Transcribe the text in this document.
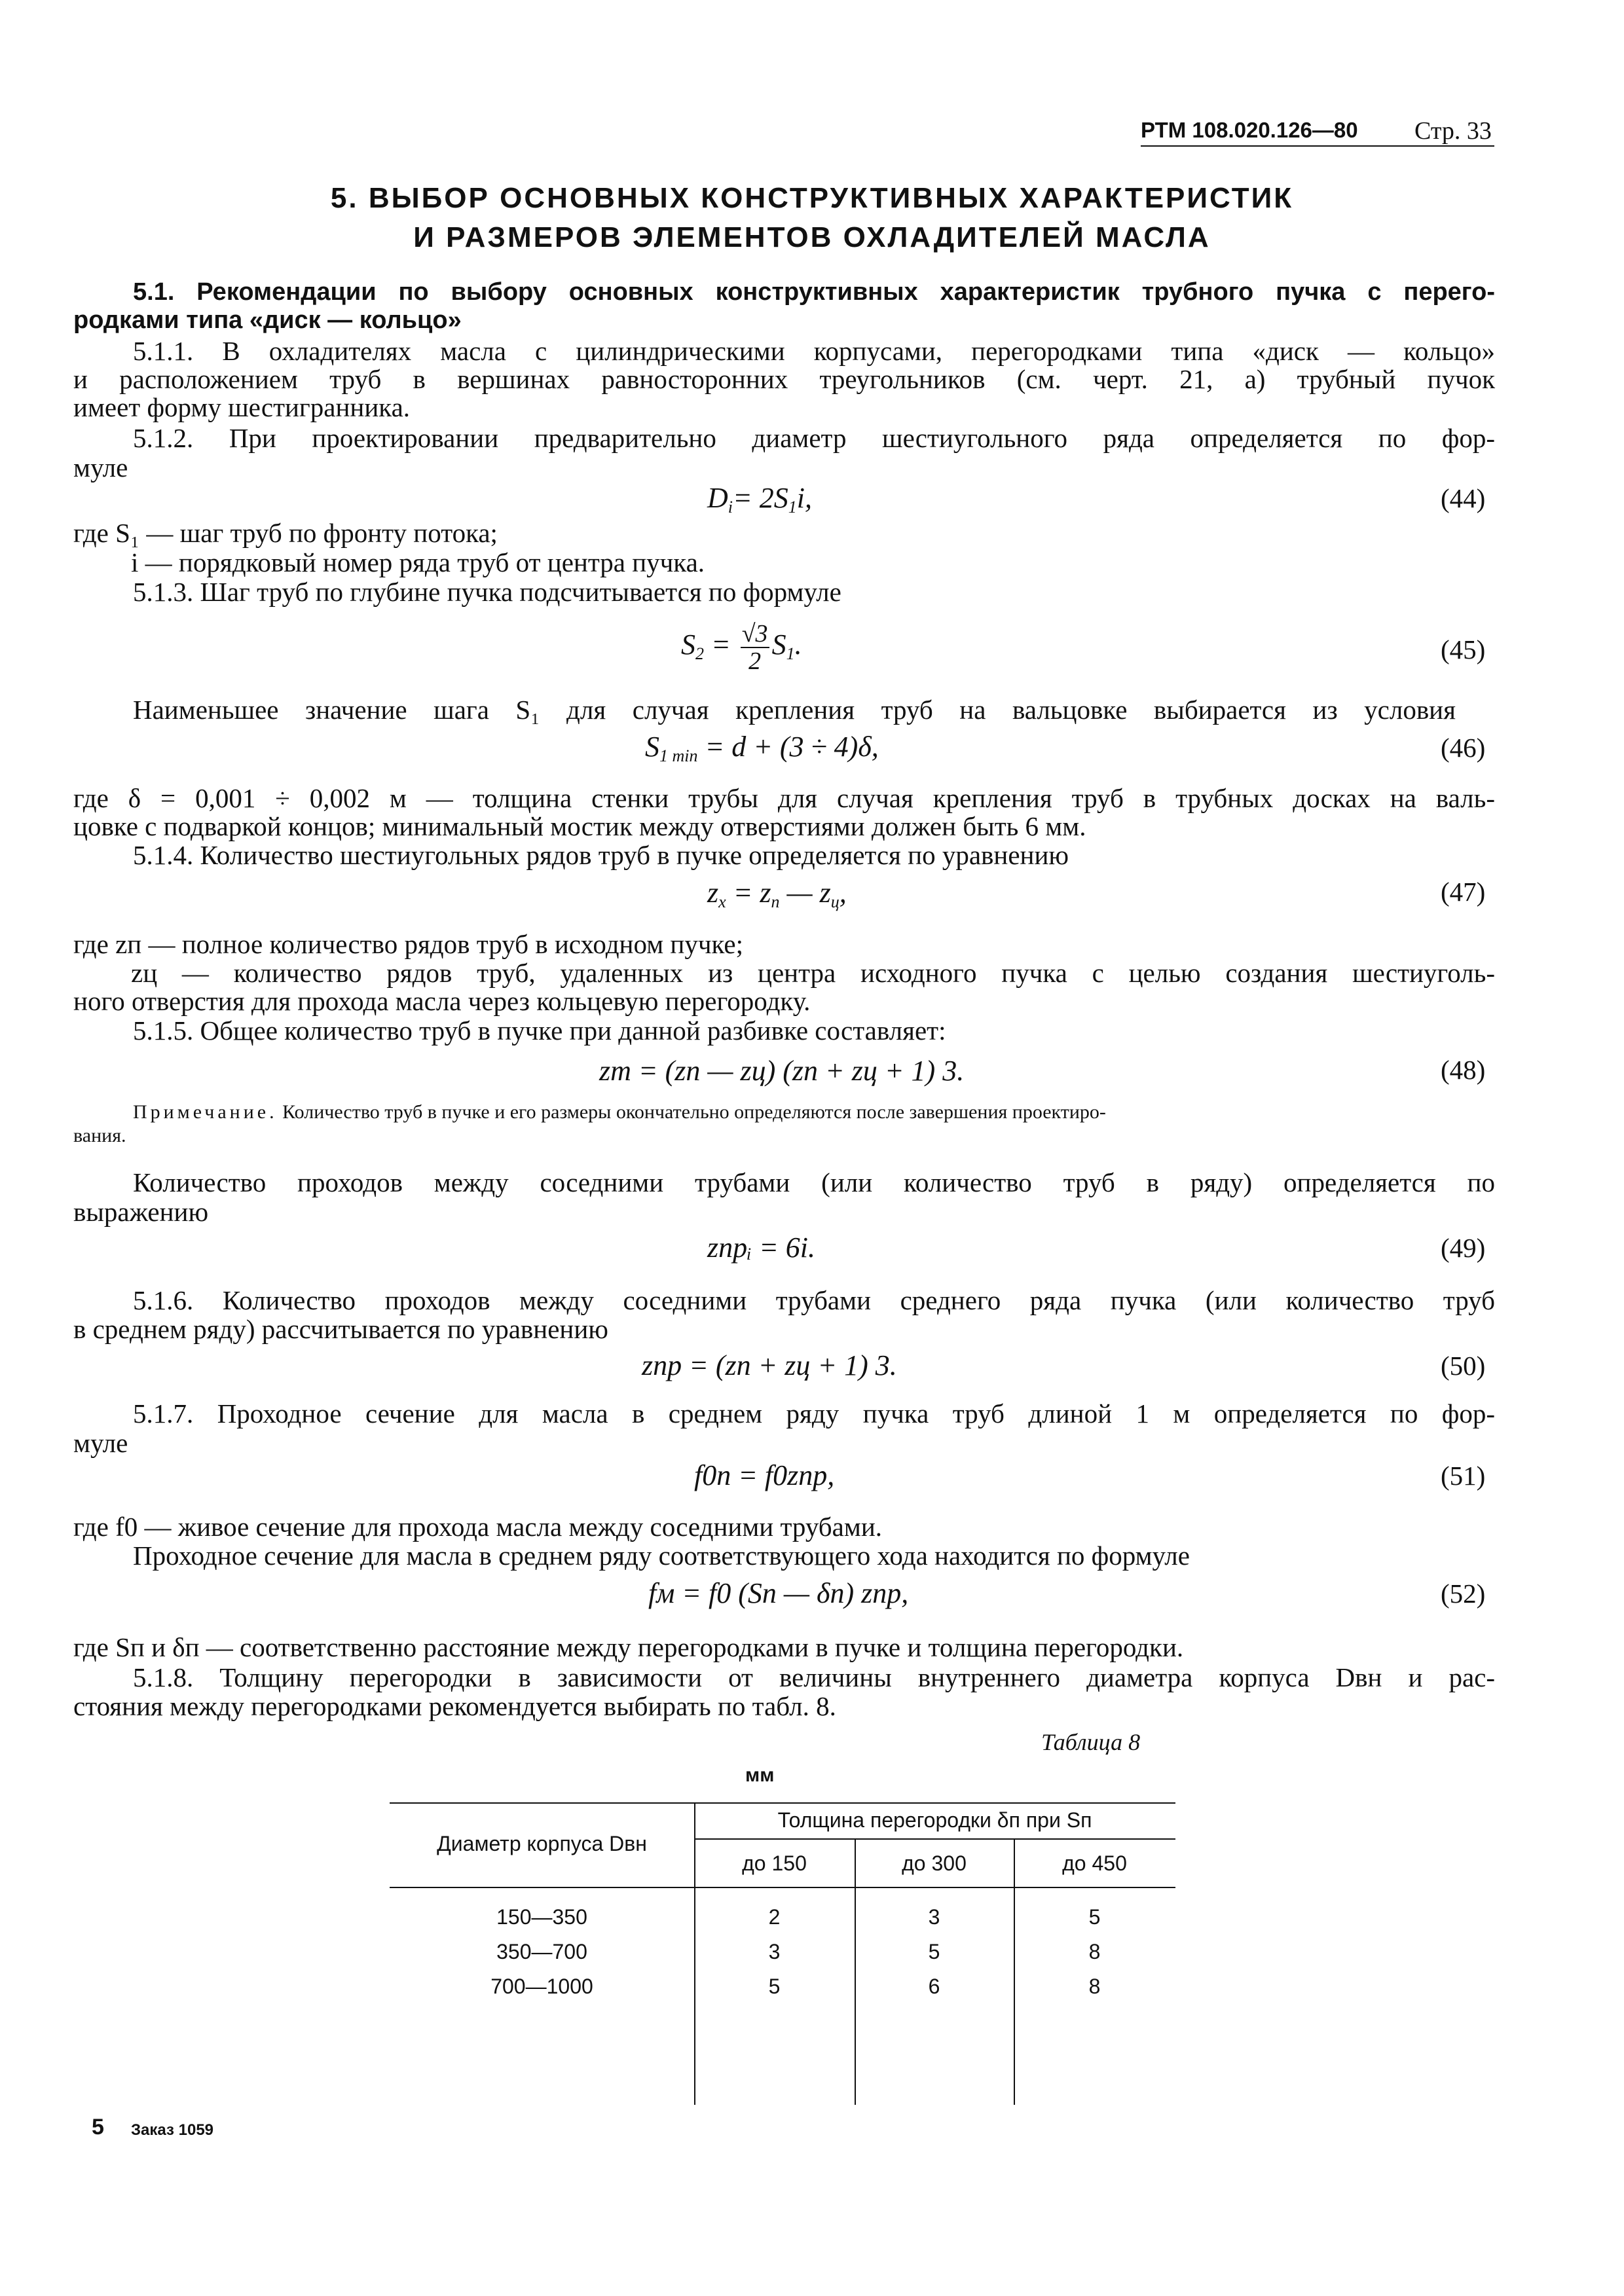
РТМ 108.020.126—80 Стр. 33
5. ВЫБОР ОСНОВНЫХ КОНСТРУКТИВНЫХ ХАРАКТЕРИСТИК
И РАЗМЕРОВ ЭЛЕМЕНТОВ ОХЛАДИТЕЛЕЙ МАСЛА
5.1. Рекомендации по выбору основных конструктивных характеристик трубного пучка с перего-
родками типа «диск — кольцо»
5.1.1. В охладителях масла с цилиндрическими корпусами, перегородками типа «диск — кольцо»
и расположением труб в вершинах равносторонних треугольников (см. черт. 21, а) трубный пучок
имеет форму шестигранника.
5.1.2. При проектировании предварительно диаметр шестиугольного ряда определяется по фор-
муле
$D_i= 2S_1i$,	(44)
где S₁ — шаг труб по фронту потока;
i — порядковый номер ряда труб от центра пучка.
5.1.3. Шаг труб по глубине пучка подсчитывается по формуле
$S_2 = \frac{√3}{2} S_1$.	(45)
Наименьшее значение шага S₁ для случая крепления труб на вальцовке выбирается из условия
$S_{1 min} = d + (3 \div 4)\delta$,	(46)
где δ = 0,001 ÷ 0,002 м — толщина стенки трубы для случая крепления труб в трубных досках на валь-
цовке с подваркой концов; минимальный мостик между отверстиями должен быть 6 мм.
5.1.4. Количество шестиугольных рядов труб в пучке определяется по уравнению
$z_x = z_п$ — $z_ц$,	(47)
где zп — полное количество рядов труб в исходном пучке;
zц — количество рядов труб, удаленных из центра исходного пучка с целью создания шестиуголь-
ного отверстия для прохода масла через кольцевую перегородку.
5.1.5. Общее количество труб в пучке при данной разбивке составляет:
zт = (zп — zц) (zп + zц + 1) 3.	(48)
Примечание. Количество труб в пучке и его размеры окончательно определяются после завершения проектиро-
вания.
Количество проходов между соседними трубами (или количество труб в ряду) определяется по
выражению
zпрᵢ = 6i.	(49)
5.1.6. Количество проходов между соседними трубами среднего ряда пучка (или количество труб
в среднем ряду) рассчитывается по уравнению
zпр = (zп + zц + 1) 3.	(50)
5.1.7. Проходное сечение для масла в среднем ряду пучка труб длиной 1 м определяется по фор-
муле
f0п = f0zпр,	(51)
где f0 — живое сечение для прохода масла между соседними трубами.
Проходное сечение для масла в среднем ряду соответствующего хода находится по формуле
fм = f0 (Sп — δп) zпр,	(52)
где Sп и δп — соответственно расстояние между перегородками в пучке и толщина перегородки.
5.1.8. Толщину перегородки в зависимости от величины внутреннего диаметра корпуса Dвн и рас-
стояния между перегородками рекомендуется выбирать по табл. 8.
Таблица 8
мм
Диаметр корпуса Dвн
Толщина перегородки δп при Sп
до 150	до 300	до 450
150—350	2	3	5
350—700	3	5	8
700—1000	5	6	8
5 Заказ 1059
